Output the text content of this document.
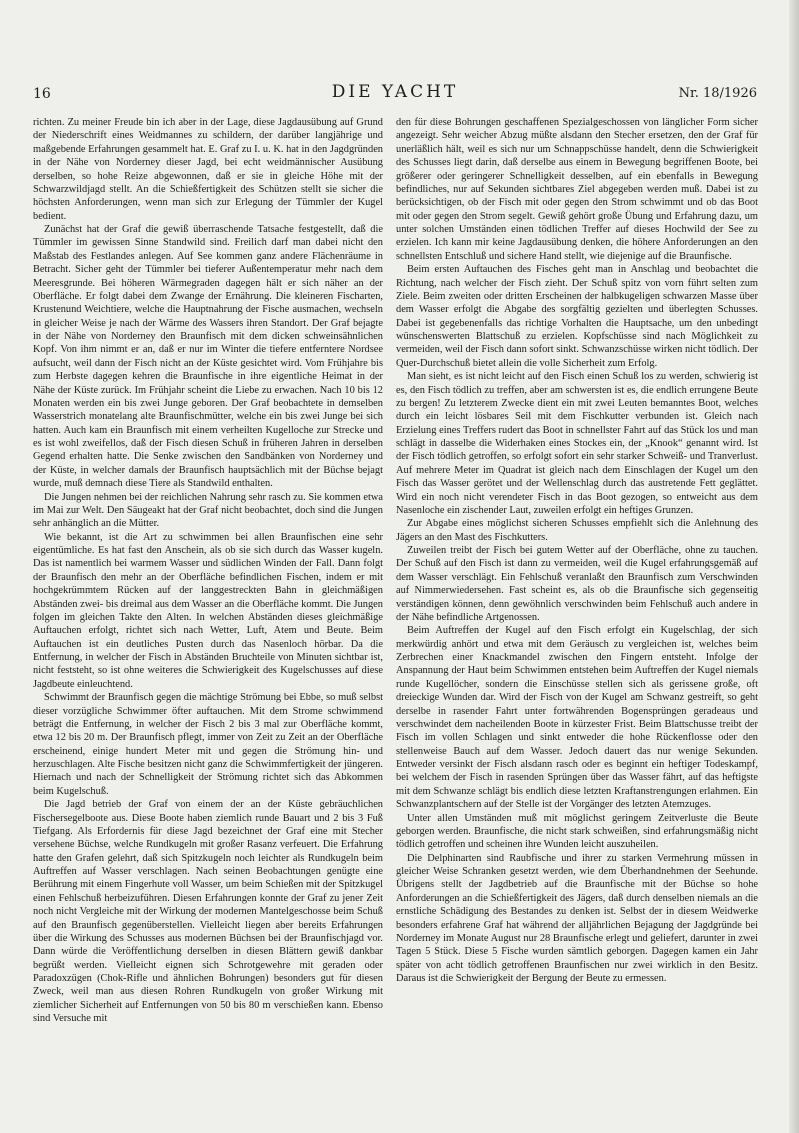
16	DIE YACHT	Nr. 18/1926

richten. Zu meiner Freude bin ich aber in der Lage, diese Jagdausübung auf Grund der Niederschrift eines Weidmannes zu schildern, der darüber langjährige und maßgebende Erfahrungen gesammelt hat. E. Graf zu I. u. K. hat in den Jagdgründen in der Nähe von Norderney dieser Jagd, bei echt weidmännischer Ausübung derselben, so hohe Reize abgewonnen, daß er sie in gleiche Höhe mit der Schwarzwildjagd stellt. An die Schießfertigkeit des Schützen stellt sie sicher die höchsten Anforderungen, wenn man sich zur Erlegung der Tümmler der Kugel bedient.

Zunächst hat der Graf die gewiß überraschende Tatsache festgestellt, daß die Tümmler im gewissen Sinne Standwild sind. Freilich darf man dabei nicht den Maßstab des Festlandes anlegen. Auf See kommen ganz andere Flächenräume in Betracht. Sicher geht der Tümmler bei tieferer Außentemperatur mehr nach dem Meeresgrunde. Bei höheren Wärmegraden dagegen hält er sich näher an der Oberfläche. Er folgt dabei dem Zwange der Ernährung. Die kleineren Fischarten, Krustenund Weichtiere, welche die Hauptnahrung der Fische ausmachen, wechseln in gleicher Weise je nach der Wärme des Wassers ihren Standort. Der Graf bejagte in der Nähe von Norderney den Braunfisch mit dem dicken schweinsähnlichen Kopf. Von ihm nimmt er an, daß er nur im Winter die tiefere entferntere Nordsee aufsucht, weil dann der Fisch nicht an der Küste gesichtet wird. Vom Frühjahre bis zum Herbste dagegen kehren die Braunfische in ihre eigentliche Heimat in der Nähe der Küste zurück. Im Frühjahr scheint die Liebe zu erwachen. Nach 10 bis 12 Monaten werden ein bis zwei Junge geboren. Der Graf beobachtete in demselben Wasserstrich monatelang alte Braunfischmütter, welche ein bis zwei Junge bei sich hatten. Auch kam ein Braunfisch mit einem verheilten Kugelloche zur Strecke und es ist wohl zweifellos, daß der Fisch diesen Schuß in früheren Jahren in derselben Gegend erhalten hatte. Die Senke zwischen den Sandbänken von Norderney und der Küste, in welcher damals der Braunfisch hauptsächlich mit der Büchse bejagt wurde, muß demnach diese Tiere als Standwild enthalten.

Die Jungen nehmen bei der reichlichen Nahrung sehr rasch zu. Sie kommen etwa im Mai zur Welt. Den Säugeakt hat der Graf nicht beobachtet, doch sind die Jungen sehr anhänglich an die Mütter.

Wie bekannt, ist die Art zu schwimmen bei allen Braunfischen eine sehr eigentümliche. Es hat fast den Anschein, als ob sie sich durch das Wasser kugeln. Das ist namentlich bei warmem Wasser und südlichen Winden der Fall. Dann folgt der Braunfisch den mehr an der Oberfläche befindlichen Fischen, indem er mit hochgekrümmtem Rücken auf der langgestreckten Bahn in gleichmäßigen Abständen zwei- bis dreimal aus dem Wasser an die Oberfläche kommt. Die Jungen folgen im gleichen Takte den Alten. In welchen Abständen dieses gleichmäßige Auftauchen erfolgt, richtet sich nach Wetter, Luft, Atem und Beute. Beim Auftauchen ist ein deutliches Pusten durch das Nasenloch hörbar. Da die Entfernung, in welcher der Fisch in Abständen Bruchteile von Minuten sichtbar ist, nicht feststeht, so ist ohne weiteres die Schwierigkeit des Kugelschusses auf diese Jagdbeute einleuchtend.

Schwimmt der Braunfisch gegen die mächtige Strömung bei Ebbe, so muß selbst dieser vorzügliche Schwimmer öfter auftauchen. Mit dem Strome schwimmend beträgt die Entfernung, in welcher der Fisch 2 bis 3 mal zur Oberfläche kommt, etwa 12 bis 20 m. Der Braunfisch pflegt, immer von Zeit zu Zeit an der Oberfläche erscheinend, einige hundert Meter mit und gegen die Strömung hin- und herzuschlagen. Alte Fische besitzen nicht ganz die Schwimmfertigkeit der jüngeren. Hiernach und nach der Schnelligkeit der Strömung richtet sich das Abkommen beim Kugelschuß.

Die Jagd betrieb der Graf von einem der an der Küste gebräuchlichen Fischersegelboote aus. Diese Boote haben ziemlich runde Bauart und 2 bis 3 Fuß Tiefgang. Als Erfordernis für diese Jagd bezeichnet der Graf eine mit Stecher versehene Büchse, welche Rundkugeln mit großer Rasanz verfeuert. Die Erfahrung hatte den Grafen gelehrt, daß sich Spitzkugeln noch leichter als Rundkugeln beim Auftreffen auf Wasser verschlagen. Nach seinen Beobachtungen genügte eine Berührung mit einem Fingerhute voll Wasser, um beim Schießen mit der Spitzkugel einen Fehlschuß herbeizuführen. Diesen Erfahrungen konnte der Graf zu jener Zeit noch nicht Vergleiche mit der Wirkung der modernen Mantelgeschosse beim Schuß auf den Braunfisch gegenüberstellen. Vielleicht liegen aber bereits Erfahrungen über die Wirkung des Schusses aus modernen Büchsen bei der Braunfischjagd vor. Dann würde die Veröffentlichung derselben in diesen Blättern gewiß dankbar begrüßt werden. Vielleicht eignen sich Schrotgewehre mit geraden oder Paradoxzügen (Chok-Rifle und ähnlichen Bohrungen) besonders gut für diesen Zweck, weil man aus diesen Rohren Rundkugeln von großer Wirkung mit ziemlicher Sicherheit auf Entfernungen von 50 bis 80 m verschießen kann. Ebenso sind Versuche mit

den für diese Bohrungen geschaffenen Spezialgeschossen von länglicher Form sicher angezeigt. Sehr weicher Abzug müßte alsdann den Stecher ersetzen, den der Graf für unerläßlich hält, weil es sich nur um Schnappschüsse handelt, denn die Schwierigkeit des Schusses liegt darin, daß derselbe aus einem in Bewegung begriffenen Boote, bei größerer oder geringerer Schnelligkeit desselben, auf ein ebenfalls in Bewegung befindliches, nur auf Sekunden sichtbares Ziel abgegeben werden muß. Dabei ist zu berücksichtigen, ob der Fisch mit oder gegen den Strom schwimmt und ob das Boot mit oder gegen den Strom segelt. Gewiß gehört große Übung und Erfahrung dazu, um unter solchen Umständen einen tödlichen Treffer auf dieses Hochwild der See zu erzielen. Ich kann mir keine Jagdausübung denken, die höhere Anforderungen an den schnellsten Entschluß und sichere Hand stellt, wie diejenige auf die Braunfische.

Beim ersten Auftauchen des Fisches geht man in Anschlag und beobachtet die Richtung, nach welcher der Fisch zieht. Der Schuß spitz von vorn führt selten zum Ziele. Beim zweiten oder dritten Erscheinen der halbkugeligen schwarzen Masse über dem Wasser erfolgt die Abgabe des sorgfältig gezielten und überlegten Schusses. Dabei ist gegebenenfalls das richtige Vorhalten die Hauptsache, um den unbedingt wünschenswerten Blattschuß zu erzielen. Kopfschüsse sind nach Möglichkeit zu vermeiden, weil der Fisch dann sofort sinkt. Schwanzschüsse wirken nicht tödlich. Der Quer-Durchschuß bietet allein die volle Sicherheit zum Erfolg.

Man sieht, es ist nicht leicht auf den Fisch einen Schuß los zu werden, schwierig ist es, den Fisch tödlich zu treffen, aber am schwersten ist es, die endlich errungene Beute zu bergen! Zu letzterem Zwecke dient ein mit zwei Leuten bemanntes Boot, welches durch ein leicht lösbares Seil mit dem Fischkutter verbunden ist. Gleich nach Erzielung eines Treffers rudert das Boot in schnellster Fahrt auf das Stück los und man schlägt in dasselbe die Widerhaken eines Stockes ein, der „Knook“ genannt wird. Ist der Fisch tödlich getroffen, so erfolgt sofort ein sehr starker Schweiß- und Tranverlust. Auf mehrere Meter im Quadrat ist gleich nach dem Einschlagen der Kugel um den Fisch das Wasser gerötet und der Wellenschlag durch das austretende Fett geglättet. Wird ein noch nicht verendeter Fisch in das Boot gezogen, so entweicht aus dem Nasenloche ein zischender Laut, zuweilen erfolgt ein heftiges Grunzen.

Zur Abgabe eines möglichst sicheren Schusses empfiehlt sich die Anlehnung des Jägers an den Mast des Fischkutters.

Zuweilen treibt der Fisch bei gutem Wetter auf der Oberfläche, ohne zu tauchen. Der Schuß auf den Fisch ist dann zu vermeiden, weil die Kugel erfahrungsgemäß auf dem Wasser verschlägt. Ein Fehlschuß veranlaßt den Braunfisch zum Verschwinden auf Nimmerwiedersehen. Fast scheint es, als ob die Braunfische sich gegenseitig verständigen können, denn gewöhnlich verschwinden beim Fehlschuß auch andere in der Nähe befindliche Artgenossen.

Beim Auftreffen der Kugel auf den Fisch erfolgt ein Kugelschlag, der sich merkwürdig anhört und etwa mit dem Geräusch zu vergleichen ist, welches beim Zerbrechen einer Knackmandel zwischen den Fingern entsteht. Infolge der Anspannung der Haut beim Schwimmen entstehen beim Auftreffen der Kugel niemals runde Kugellöcher, sondern die Einschüsse stellen sich als gerissene große, oft dreieckige Wunden dar. Wird der Fisch von der Kugel am Schwanz gestreift, so geht derselbe in rasender Fahrt unter fortwährenden Bogensprüngen geradeaus und verschwindet dem nacheilenden Boote in kürzester Frist. Beim Blattschusse treibt der Fisch im vollen Schlagen und sinkt entweder die hohe Rückenflosse oder den stellenweise Bauch auf dem Wasser. Jedoch dauert das nur wenige Sekunden. Entweder versinkt der Fisch alsdann rasch oder es beginnt ein heftiger Todeskampf, bei welchem der Fisch in rasenden Sprüngen über das Wasser fährt, auf das heftigste mit dem Schwanze schlägt bis endlich diese letzten Kraftanstrengungen erlahmen. Ein Schwanzplantschern auf der Stelle ist der Vorgänger des letzten Atemzuges.

Unter allen Umständen muß mit möglichst geringem Zeitverluste die Beute geborgen werden. Braunfische, die nicht stark schweißen, sind erfahrungsmäßig nicht tödlich getroffen und scheinen ihre Wunden leicht auszuheilen.

Die Delphinarten sind Raubfische und ihrer zu starken Vermehrung müssen in gleicher Weise Schranken gesetzt werden, wie dem Überhandnehmen der Seehunde. Übrigens stellt der Jagdbetrieb auf die Braunfische mit der Büchse so hohe Anforderungen an die Schießfertigkeit des Jägers, daß durch denselben niemals an die ernstliche Schädigung des Bestandes zu denken ist. Selbst der in diesem Weidwerke besonders erfahrene Graf hat während der alljährlichen Bejagung der Jagdgründe bei Norderney im Monate August nur 28 Braunfische erlegt und geliefert, darunter in zwei Tagen 5 Stück. Diese 5 Fische wurden sämtlich geborgen. Dagegen kamen ein Jahr später von acht tödlich getroffenen Braunfischen nur zwei wirklich in den Besitz. Daraus ist die Schwierigkeit der Bergung der Beute zu ermessen.
